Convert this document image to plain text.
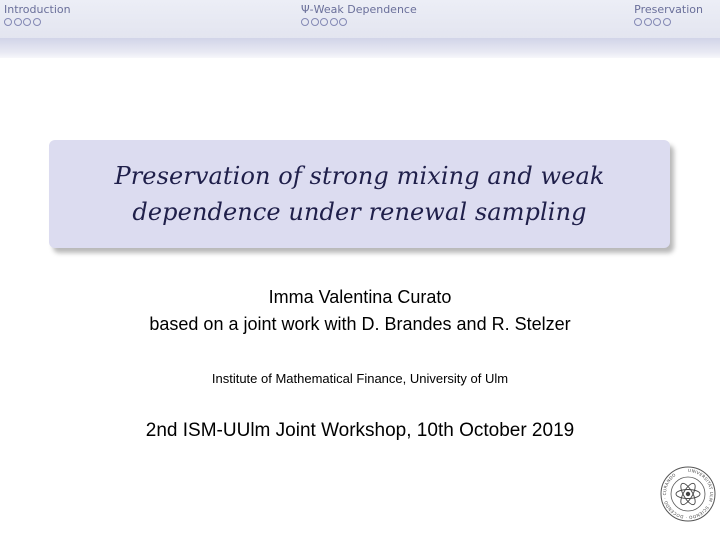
Introduction	Ψ-Weak Dependence	Preservation
Preservation of strong mixing and weak
dependence under renewal sampling
Imma Valentina Curato
based on a joint work with D. Brandes and R. Stelzer
Institute of Mathematical Finance, University of Ulm
2nd ISM-UUlm Joint Workshop, 10th October 2019
UNIVERSITÄT ULM · SCIENDO · DOCENDO · CURANDO
